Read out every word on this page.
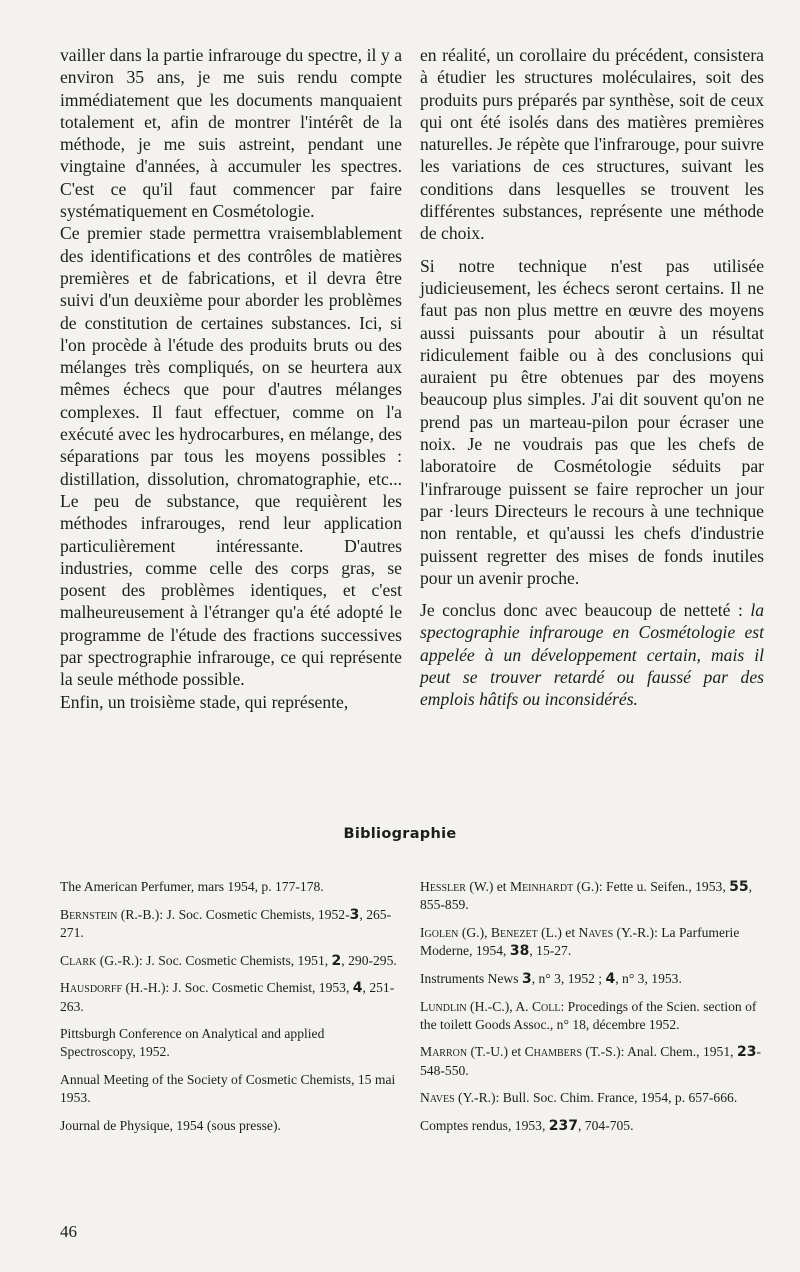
vailler dans la partie infrarouge du spectre, il y a environ 35 ans, je me suis rendu compte immédiatement que les documents manquaient totalement et, afin de montrer l'intérêt de la méthode, je me suis astreint, pendant une vingtaine d'années, à accumuler les spectres. C'est ce qu'il faut commencer par faire systématiquement en Cosmétologie.

Ce premier stade permettra vraisemblablement des identifications et des contrôles de matières premières et de fabrications, et il devra être suivi d'un deuxième pour aborder les problèmes de constitution de certaines substances. Ici, si l'on procède à l'étude des produits bruts ou des mélanges très compliqués, on se heurtera aux mêmes échecs que pour d'autres mélanges complexes. Il faut effectuer, comme on l'a exécuté avec les hydrocarbures, en mélange, des séparations par tous les moyens possibles : distillation, dissolution, chromatographie, etc... Le peu de substance, que requièrent les méthodes infrarouges, rend leur application particulièrement intéressante. D'autres industries, comme celle des corps gras, se posent des problèmes identiques, et c'est malheureusement à l'étranger qu'a été adopté le programme de l'étude des fractions successives par spectrographie infrarouge, ce qui représente la seule méthode possible.

Enfin, un troisième stade, qui représente,

en réalité, un corollaire du précédent, consistera à étudier les structures moléculaires, soit des produits purs préparés par synthèse, soit de ceux qui ont été isolés dans des matières premières naturelles. Je répète que l'infrarouge, pour suivre les variations de ces structures, suivant les conditions dans lesquelles se trouvent les différentes substances, représente une méthode de choix.

Si notre technique n'est pas utilisée judicieusement, les échecs seront certains. Il ne faut pas non plus mettre en œuvre des moyens aussi puissants pour aboutir à un résultat ridiculement faible ou à des conclusions qui auraient pu être obtenues par des moyens beaucoup plus simples. J'ai dit souvent qu'on ne prend pas un marteau-pilon pour écraser une noix. Je ne voudrais pas que les chefs de laboratoire de Cosmétologie séduits par l'infrarouge puissent se faire reprocher un jour par ·leurs Directeurs le recours à une technique non rentable, et qu'aussi les chefs d'industrie puissent regretter des mises de fonds inutiles pour un avenir proche.

Je conclus donc avec beaucoup de netteté : la spectographie infrarouge en Cosmétologie est appelée à un développement certain, mais il peut se trouver retardé ou faussé par des emplois hâtifs ou inconsidérés.

Bibliographie

The American Perfumer, mars 1954, p. 177-178.

Bernstein (R.-B.): J. Soc. Cosmetic Chemists, 1952-3, 265-271.

Clark (G.-R.): J. Soc. Cosmetic Chemists, 1951, 2, 290-295.

Hausdorff (H.-H.): J. Soc. Cosmetic Chemist, 1953, 4, 251-263.

Pittsburgh Conference on Analytical and applied Spectroscopy, 1952.

Annual Meeting of the Society of Cosmetic Chemists, 15 mai 1953.

Journal de Physique, 1954 (sous presse).

Hessler (W.) et Meinhardt (G.): Fette u. Seifen., 1953, 55, 855-859.

Igolen (G.), Benezet (L.) et Naves (Y.-R.): La Parfumerie Moderne, 1954, 38, 15-27.

Instruments News 3, n° 3, 1952 ; 4, n° 3, 1953.

Lundlin (H.-C.), A. Coll: Procedings of the Scien. section of the toilett Goods Assoc., n° 18, décembre 1952.

Marron (T.-U.) et Chambers (T.-S.): Anal. Chem., 1951, 23-548-550.

Naves (Y.-R.): Bull. Soc. Chim. France, 1954, p. 657-666.

Comptes rendus, 1953, 237, 704-705.

46
